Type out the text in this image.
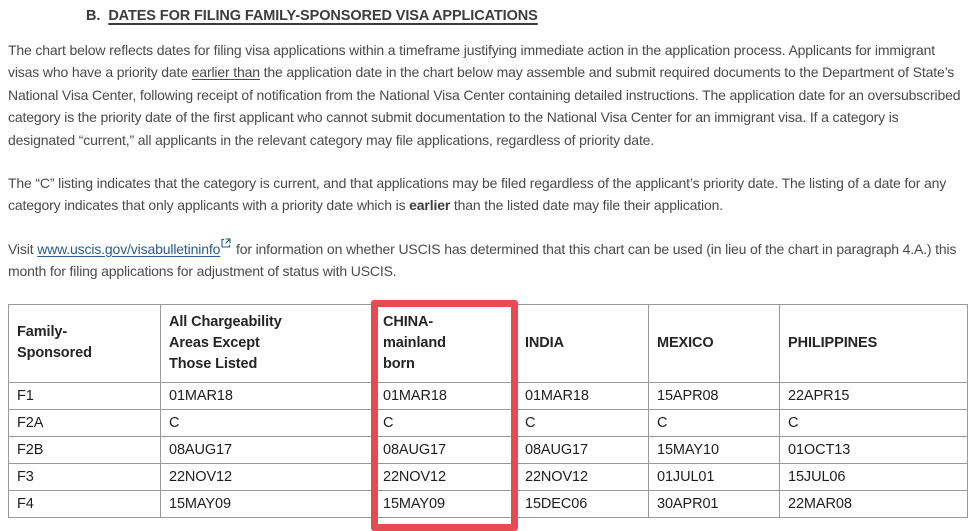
B. DATES FOR FILING FAMILY-SPONSORED VISA APPLICATIONS

The chart below reflects dates for filing visa applications within a timeframe justifying immediate action in the application process. Applicants for immigrant visas who have a priority date earlier than the application date in the chart below may assemble and submit required documents to the Department of State’s National Visa Center, following receipt of notification from the National Visa Center containing detailed instructions. The application date for an oversubscribed category is the priority date of the first applicant who cannot submit documentation to the National Visa Center for an immigrant visa. If a category is designated “current,” all applicants in the relevant category may file applications, regardless of priority date.

The “C” listing indicates that the category is current, and that applications may be filed regardless of the applicant’s priority date. The listing of a date for any category indicates that only applicants with a priority date which is earlier than the listed date may file their application.

Visit www.uscis.gov/visabulletininfo for information on whether USCIS has determined that this chart can be used (in lieu of the chart in paragraph 4.A.) this month for filing applications for adjustment of status with USCIS.

Family-
Sponsored	All Chargeability
Areas Except
Those Listed	CHINA-
mainland
born	INDIA	MEXICO	PHILIPPINES
F1	01MAR18	01MAR18	01MAR18	15APR08	22APR15
F2A	C	C	C	C	C
F2B	08AUG17	08AUG17	08AUG17	15MAY10	01OCT13
F3	22NOV12	22NOV12	22NOV12	01JUL01	15JUL06
F4	15MAY09	15MAY09	15DEC06	30APR01	22MAR08
